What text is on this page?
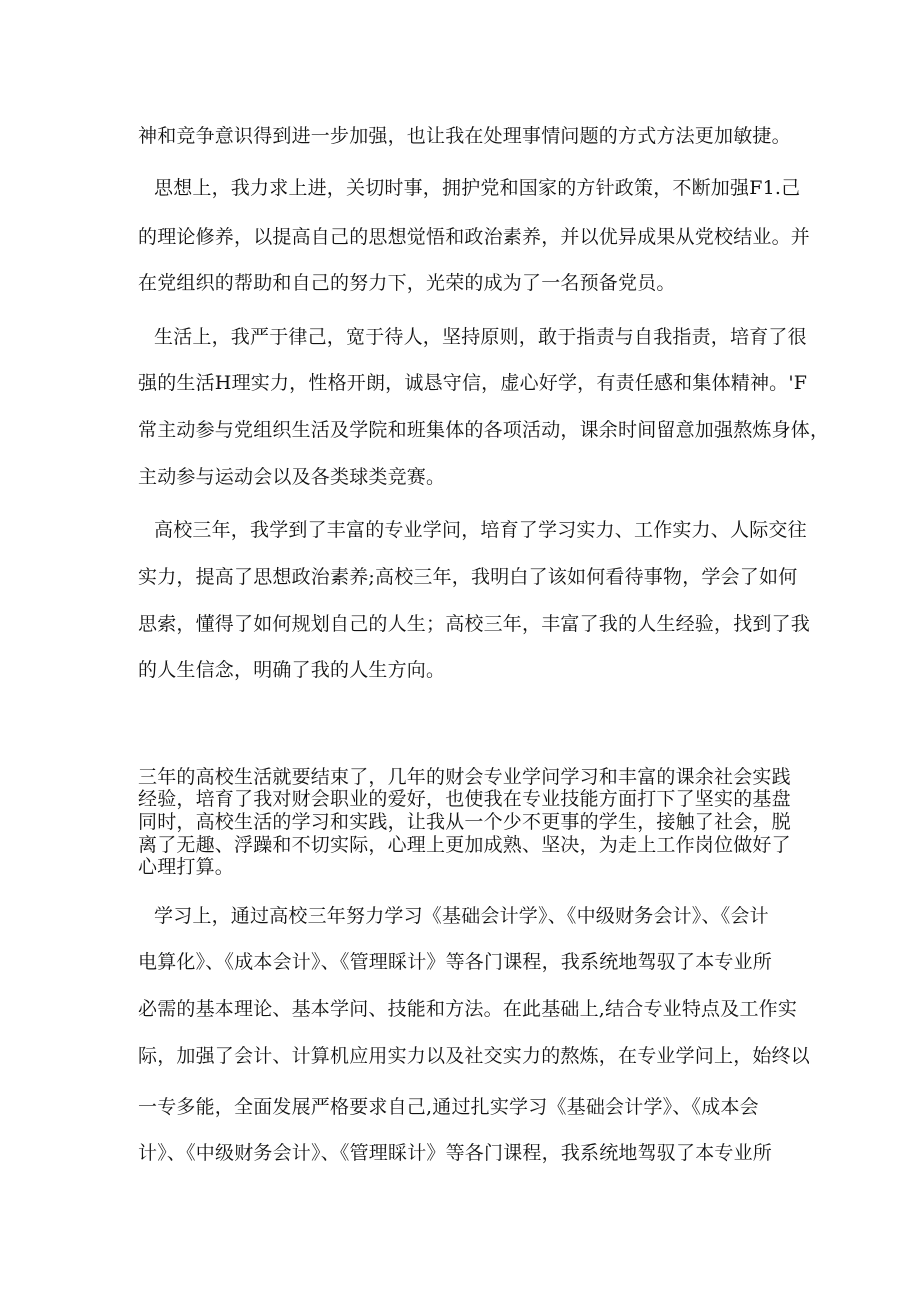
神和竞争意识得到进一步加强，也让我在处理事情问题的方式方法更加敏捷。

思想上，我力求上进，关切时事，拥护党和国家的方针政策，不断加强F1.己

的理论修养，以提高自己的思想觉悟和政治素养，并以优异成果从党校结业。并

在党组织的帮助和自己的努力下，光荣的成为了一名预备党员。

生活上，我严于律己，宽于待人，坚持原则，敢于指责与自我指责，培育了很

强的生活H理实力，性格开朗，诚恳守信，虚心好学，有责任感和集体精神。'F

常主动参与党组织生活及学院和班集体的各项活动，课余时间留意加强熬炼身体，

主动参与运动会以及各类球类竞赛。

高校三年，我学到了丰富的专业学问，培育了学习实力、工作实力、人际交往

实力，提高了思想政治素养;高校三年，我明白了该如何看待事物，学会了如何

思索，懂得了如何规划自己的人生；高校三年，丰富了我的人生经验，找到了我

的人生信念，明确了我的人生方向。

三年的高校生活就要结束了，几年的财会专业学问学习和丰富的课余社会实践

经验，培育了我对财会职业的爱好，也使我在专业技能方面打下了坚实的基盘

同时，高校生活的学习和实践，让我从一个少不更事的学生，接触了社会，脱

离了无趣、浮躁和不切实际，心理上更加成熟、坚决，为走上工作岗位做好了

心理打算。

学习上，通过高校三年努力学习《基础会计学》、《中级财务会计》、《会计

电算化》、《成本会计》、《管理睬计》等各门课程，我系统地驾驭了本专业所

必需的基本理论、基本学问、技能和方法。在此基础上,结合专业特点及工作实

际，加强了会计、计算机应用实力以及社交实力的熬炼，在专业学问上，始终以

一专多能，全面发展严格要求自己,通过扎实学习《基础会计学》、《成本会

计》、《中级财务会计》、《管理睬计》等各门课程，我系统地驾驭了本专业所
